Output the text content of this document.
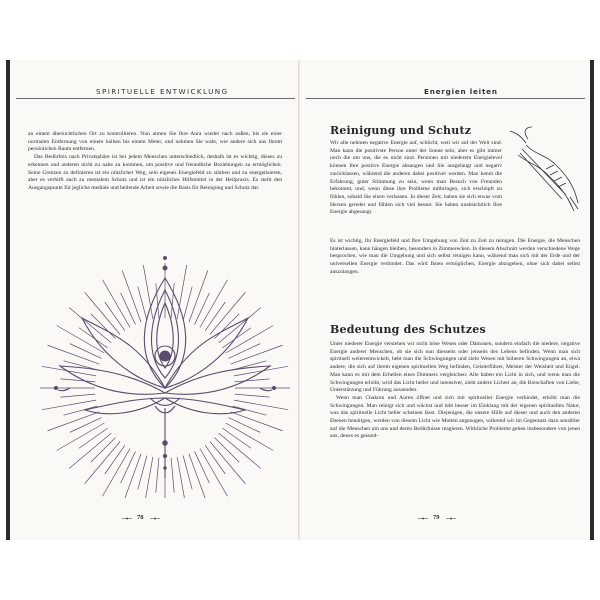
SPIRITUELLE ENTWICKLUNG

an einem übersichtlichen Ort zu kontrollieren. Nun atmen Sie Ihre Aura wieder nach außen, bis sie einer normalen Entfernung von einem halben bis einem Meter, und nehmen Sie wahr, wie andere sich aus Ihrem persönlichen Raum entfernen.

Das Bedürfnis nach Privatsphäre ist bei jedem Menschen unterschiedlich, deshalb ist es wichtig, dieses zu erkennen und anderen nicht zu nahe zu kommen, um positive und freundliche Beziehungen zu ermöglichen. Seine Grenzen zu definieren ist ein nützlicher Weg, sein eigenes Energiefeld zu stärken und zu energetisieren, aber es verhilft auch zu mentalem Schutz und ist ein nützliches Hilfsmittel in der Heilpraxis. Es stellt den Ausgangspunkt für jegliche mediale und heilende Arbeit sowie die Basis für Reinigung und Schutz dar.

78
Energien leiten
Reinigung und Schutz

Wir alle nehmen negative Energie auf, schlicht, weil wir auf der Welt sind. Man kann die positivste Person unter der Sonne sein, aber es gibt immer noch die um uns, die es nicht sind. Personen mit niederem Energielevel können Ihre positive Energie absaugen und Sie ausgelaugt und negativ zurücklassen, während die anderen dabei positiver werden. Man kennt die Erfahrung, guter Stimmung zu sein, wenn man Besuch von Freunden bekommt, und, wenn diese ihre Probleme mitbringen, sich erschöpft zu fühlen, sobald Sie einen verlassen. In dieser Zeit, haben sie sich etwas vom Herzen geredet und fühlen sich viel besser. Sie haben unabsichtlich Ihre Energie abgesaugt.

Es ist wichtig, Ihr Energiefeld und Ihre Umgebung von Zeit zu Zeit zu reinigen. Die Energie, die Menschen hinterlassen, kann hängen bleiben, besonders in Zimmerecken. In diesem Abschnitt werden verschiedene Wege besprochen, wie man die Umgebung und sich selbst reinigen kann, während man sich mit der Erde und der universellen Energie verbindet. Das wird Ihnen ermöglichen, Energie abzugeben, ohne sich dabei selbst auszulaugen.

Bedeutung des Schutzes

Unter niederer Energie verstehen wir nicht böse Wesen oder Dämonen, sondern einfach die niedere, negative Energie anderer Menschen, ob sie sich nun diesseits oder jenseits des Lebens befinden. Wenn man sich spirituell weiterentwickelt, hebt man die Schwingungen und zieht Wesen mit höheren Schwingungen an, etwa andere, die sich auf ihrem eigenen spirituellen Weg befinden, Geisterführer, Meister der Weisheit und Engel. Man kann es mit dem Erhellen eines Dimmers vergleichen: Alle haben ein Licht in sich, und wenn man die Schwingungen erhöht, wird das Licht heller und intensiver, zieht andere Lichter an, die Botschaften von Liebe, Unterstützung und Führung aussenden.

Wenn man Chakren und Auren öffnet und sich mit spiritueller Energie verbindet, erhöht man die Schwingungen. Man reinigt sich und wächst und lebt besser im Einklang mit der eigenen spirituellen Natur, was das spirituelle Licht heller scheinen lässt. Diejenigen, die unsere Hilfe auf dieser und auch den anderen Ebenen benötigen, werden von diesem Licht wie Motten angezogen, während wir im Gegensatz dazu sensibler auf die Menschen um uns und deren Bedürfnisse reagieren. Wirkliche Probleme gehen insbesondere von jenen aus, denes es gesund-

79
